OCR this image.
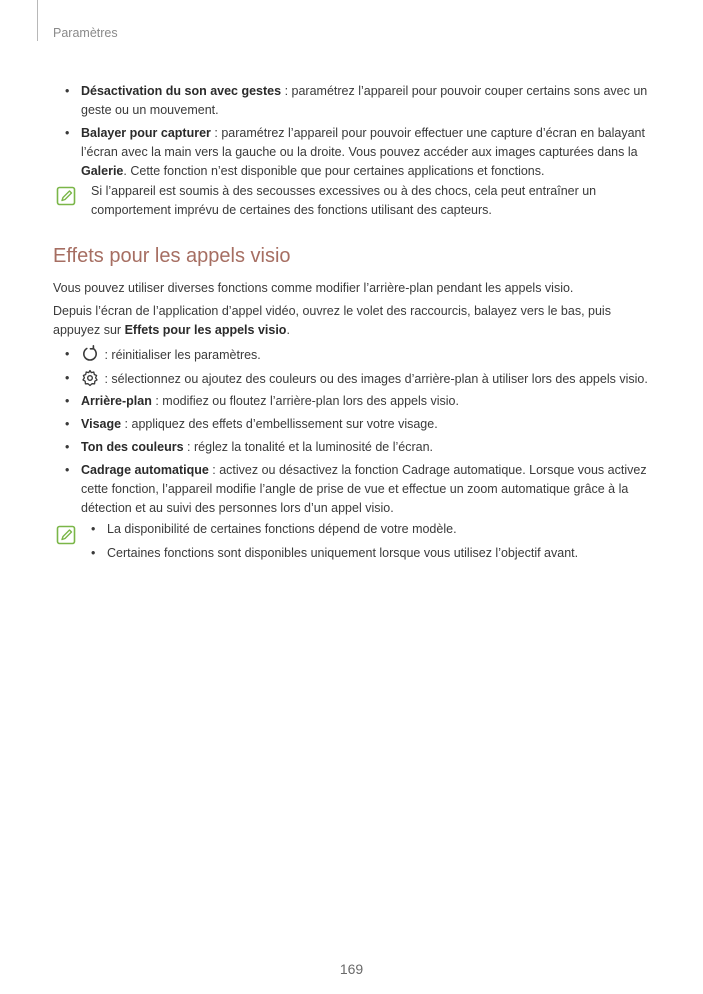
Paramètres
• Désactivation du son avec gestes : paramétrez l’appareil pour pouvoir couper certains sons avec un geste ou un mouvement.
• Balayer pour capturer : paramétrez l’appareil pour pouvoir effectuer une capture d’écran en balayant l’écran avec la main vers la gauche ou la droite. Vous pouvez accéder aux images capturées dans la Galerie. Cette fonction n’est disponible que pour certaines applications et fonctions.
Si l’appareil est soumis à des secousses excessives ou à des chocs, cela peut entraîner un comportement imprévu de certaines des fonctions utilisant des capteurs.
Effets pour les appels visio
Vous pouvez utiliser diverses fonctions comme modifier l’arrière-plan pendant les appels visio.
Depuis l’écran de l’application d’appel vidéo, ouvrez le volet des raccourcis, balayez vers le bas, puis appuyez sur Effets pour les appels visio.
•	: réinitialiser les paramètres.
•	: sélectionnez ou ajoutez des couleurs ou des images d’arrière-plan à utiliser lors des appels visio.
• Arrière-plan : modifiez ou floutez l’arrière-plan lors des appels visio.
• Visage : appliquez des effets d’embellissement sur votre visage.
• Ton des couleurs : réglez la tonalité et la luminosité de l’écran.
• Cadrage automatique : activez ou désactivez la fonction Cadrage automatique. Lorsque vous activez cette fonction, l’appareil modifie l’angle de prise de vue et effectue un zoom automatique grâce à la détection et au suivi des personnes lors d’un appel visio.
• La disponibilité de certaines fonctions dépend de votre modèle.
• Certaines fonctions sont disponibles uniquement lorsque vous utilisez l’objectif avant.
169
